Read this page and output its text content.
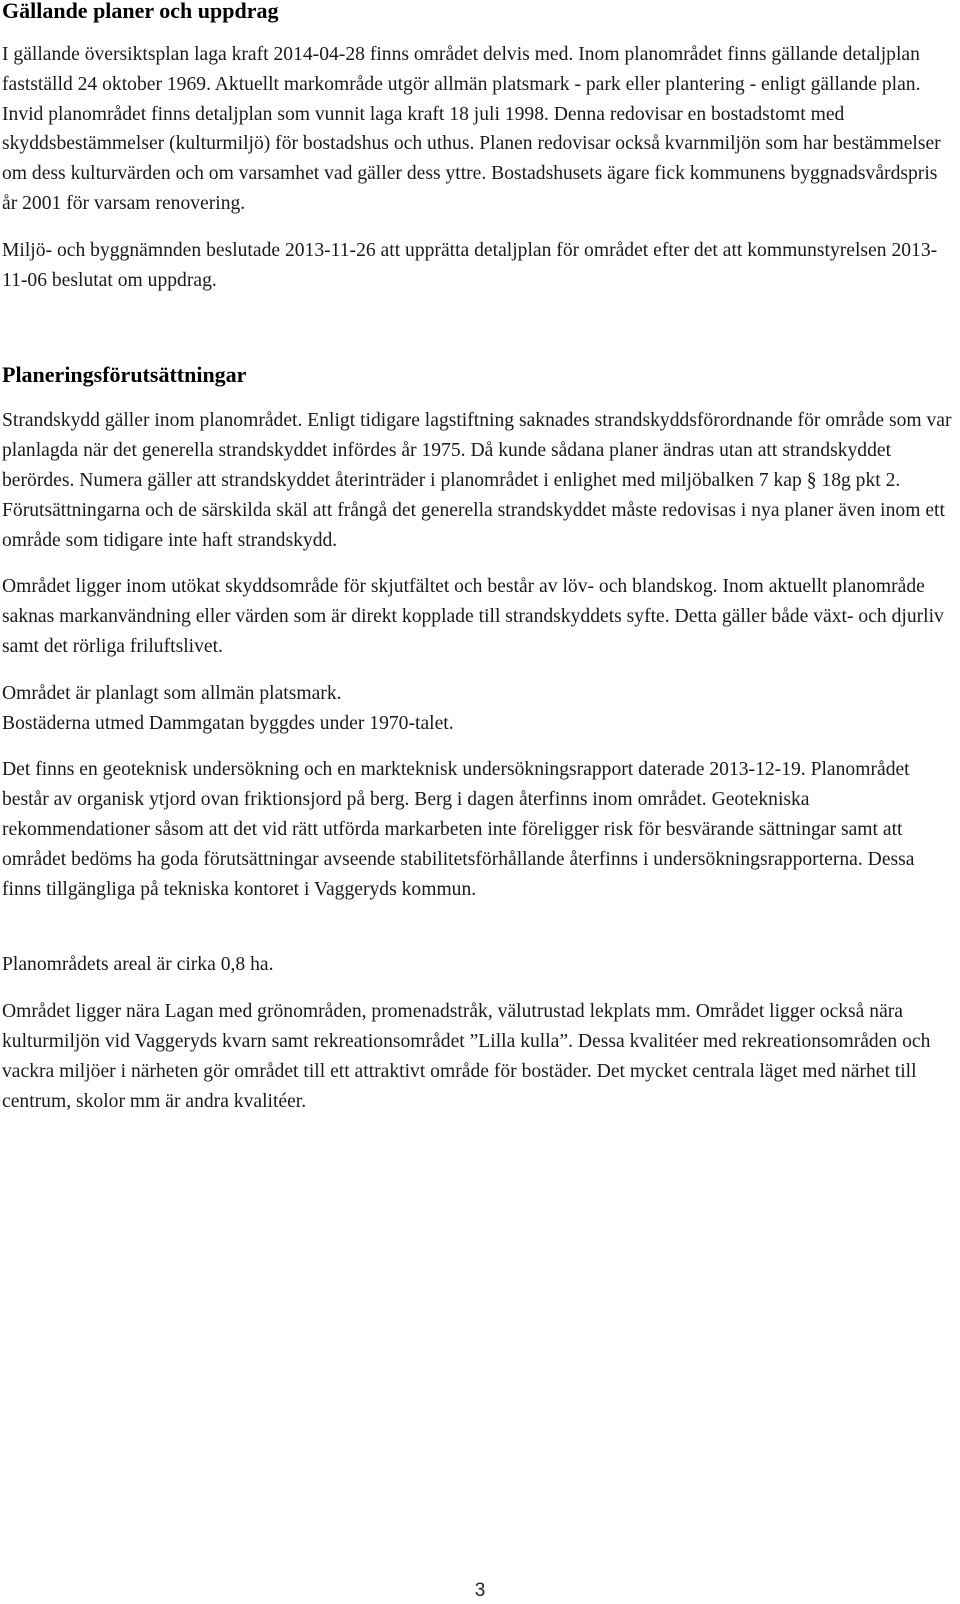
Gällande planer och uppdrag

I gällande översiktsplan laga kraft 2014-04-28 finns området delvis med. Inom planområdet finns gällande detaljplan fastställd 24 oktober 1969. Aktuellt markområde utgör allmän platsmark - park eller plantering - enligt gällande plan. Invid planområdet finns detaljplan som vunnit laga kraft 18 juli 1998. Denna redovisar en bostadstomt med skyddsbestämmelser (kulturmiljö) för bostadshus och uthus. Planen redovisar också kvarnmiljön som har bestämmelser om dess kulturvärden och om varsamhet vad gäller dess yttre. Bostadshusets ägare fick kommunens byggnadsvårdspris år 2001 för varsam renovering.

Miljö- och byggnämnden beslutade 2013-11-26 att upprätta detaljplan för området efter det att kommunstyrelsen 2013-11-06 beslutat om uppdrag.

Planeringsförutsättningar

Strandskydd gäller inom planområdet. Enligt tidigare lagstiftning saknades strandskyddsförordnande för område som var planlagda när det generella strandskyddet infördes år 1975. Då kunde sådana planer ändras utan att strandskyddet berördes. Numera gäller att strandskyddet återinträder i planområdet i enlighet med miljöbalken 7 kap § 18g pkt 2. Förutsättningarna och de särskilda skäl att frångå det generella strandskyddet måste redovisas i nya planer även inom ett område som tidigare inte haft strandskydd.

Området ligger inom utökat skyddsområde för skjutfältet och består av löv- och blandskog. Inom aktuellt planområde saknas markanvändning eller värden som är direkt kopplade till strandskyddets syfte. Detta gäller både växt- och djurliv samt det rörliga friluftslivet.

Området är planlagt som allmän platsmark.

Bostäderna utmed Dammgatan byggdes under 1970-talet.

Det finns en geoteknisk undersökning och en markteknisk undersökningsrapport daterade 2013-12-19. Planområdet består av organisk ytjord ovan friktionsjord på berg. Berg i dagen återfinns inom området. Geotekniska rekommendationer såsom att det vid rätt utförda markarbeten inte föreligger risk för besvärande sättningar samt att området bedöms ha goda förutsättningar avseende stabilitetsförhållande återfinns i undersökningsrapporterna. Dessa finns tillgängliga på tekniska kontoret i Vaggeryds kommun.

Planområdets areal är cirka 0,8 ha.

Området ligger nära Lagan med grönområden, promenadstråk, välutrustad lekplats mm. Området ligger också nära kulturmiljön vid Vaggeryds kvarn samt rekreationsområdet ”Lilla kulla”. Dessa kvalitéer med rekreationsområden och vackra miljöer i närheten gör området till ett attraktivt område för bostäder. Det mycket centrala läget med närhet till centrum, skolor mm är andra kvalitéer.

3
